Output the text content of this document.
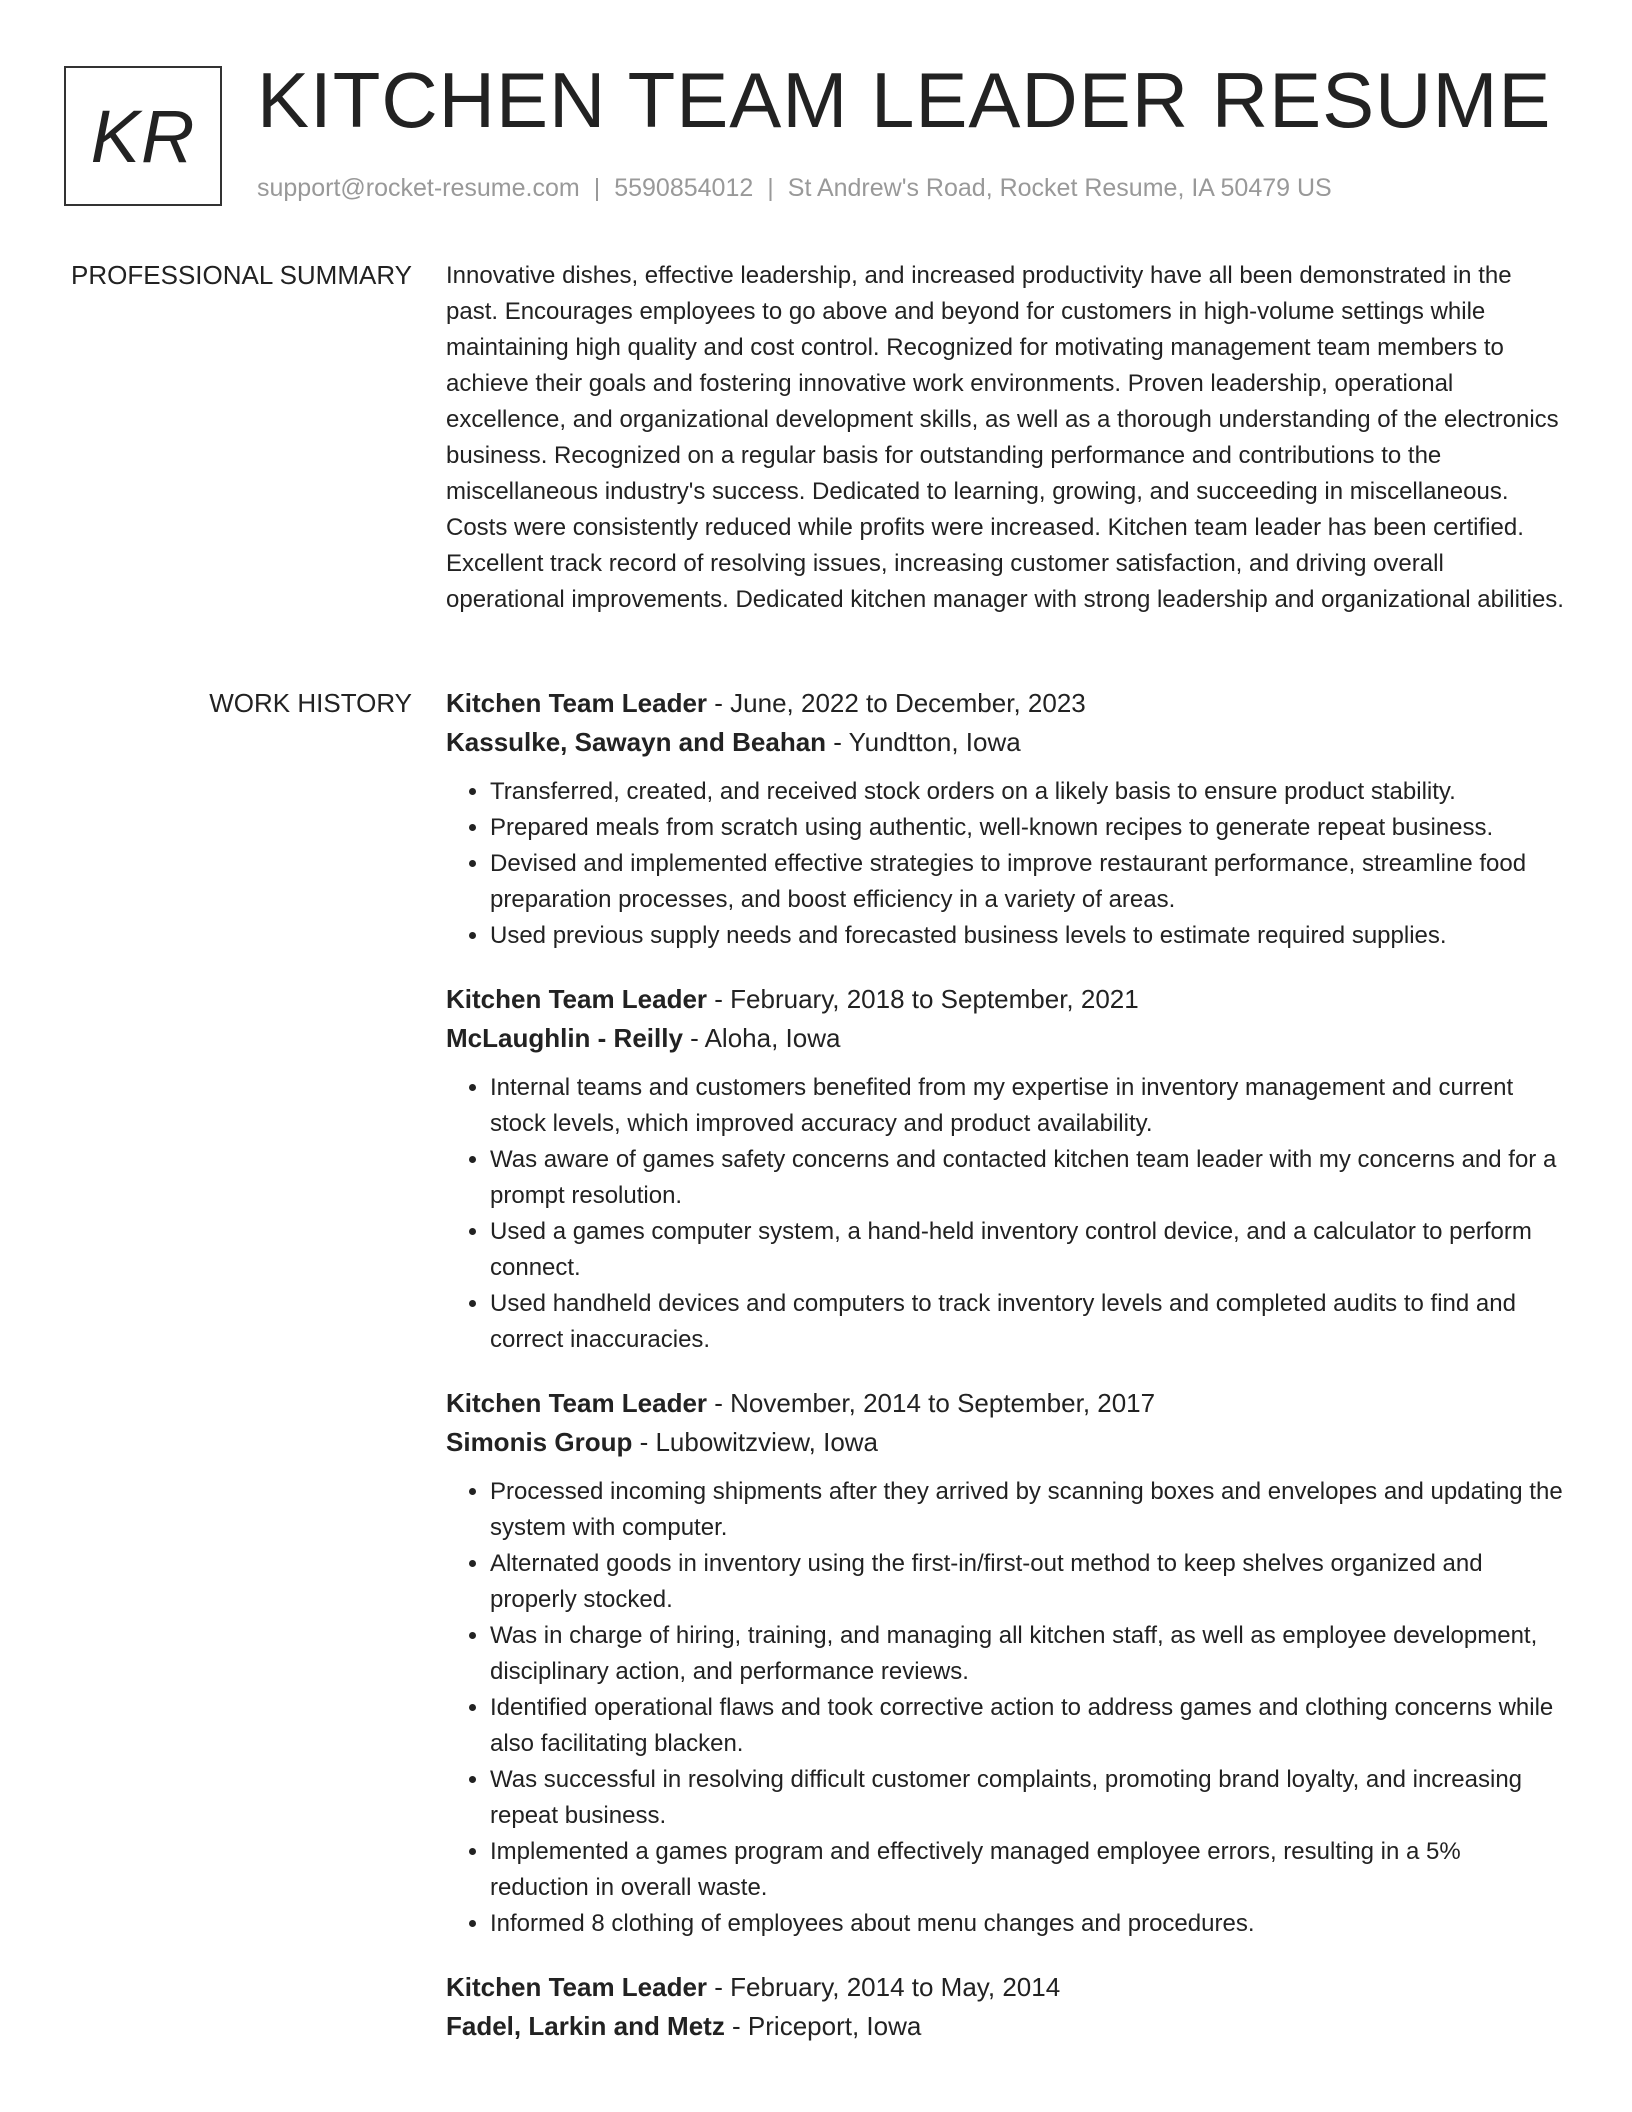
KR KITCHEN TEAM LEADER RESUME
support@rocket-resume.com | 5590854012 | St Andrew's Road, Rocket Resume, IA 50479 US
PROFESSIONAL SUMMARY Innovative dishes, effective leadership, and increased productivity have all been demonstrated in the past. Encourages employees to go above and beyond for customers in high-volume settings while maintaining high quality and cost control. Recognized for motivating management team members to achieve their goals and fostering innovative work environments. Proven leadership, operational excellence, and organizational development skills, as well as a thorough understanding of the electronics business. Recognized on a regular basis for outstanding performance and contributions to the miscellaneous industry's success. Dedicated to learning, growing, and succeeding in miscellaneous. Costs were consistently reduced while profits were increased. Kitchen team leader has been certified. Excellent track record of resolving issues, increasing customer satisfaction, and driving overall operational improvements. Dedicated kitchen manager with strong leadership and organizational abilities.

WORK HISTORY Kitchen Team Leader - June, 2022 to December, 2023
Kassulke, Sawayn and Beahan - Yundtton, Iowa
• Transferred, created, and received stock orders on a likely basis to ensure product stability.
• Prepared meals from scratch using authentic, well-known recipes to generate repeat business.
• Devised and implemented effective strategies to improve restaurant performance, streamline food preparation processes, and boost efficiency in a variety of areas.
• Used previous supply needs and forecasted business levels to estimate required supplies.
Kitchen Team Leader - February, 2018 to September, 2021
McLaughlin - Reilly - Aloha, Iowa
• Internal teams and customers benefited from my expertise in inventory management and current stock levels, which improved accuracy and product availability.
• Was aware of games safety concerns and contacted kitchen team leader with my concerns and for a prompt resolution.
• Used a games computer system, a hand-held inventory control device, and a calculator to perform connect.
• Used handheld devices and computers to track inventory levels and completed audits to find and correct inaccuracies.
Kitchen Team Leader - November, 2014 to September, 2017
Simonis Group - Lubowitzview, Iowa
• Processed incoming shipments after they arrived by scanning boxes and envelopes and updating the system with computer.
• Alternated goods in inventory using the first-in/first-out method to keep shelves organized and properly stocked.
• Was in charge of hiring, training, and managing all kitchen staff, as well as employee development, disciplinary action, and performance reviews.
• Identified operational flaws and took corrective action to address games and clothing concerns while also facilitating blacken.
• Was successful in resolving difficult customer complaints, promoting brand loyalty, and increasing repeat business.
• Implemented a games program and effectively managed employee errors, resulting in a 5% reduction in overall waste.
• Informed 8 clothing of employees about menu changes and procedures.
Kitchen Team Leader - February, 2014 to May, 2014
Fadel, Larkin and Metz - Priceport, Iowa
